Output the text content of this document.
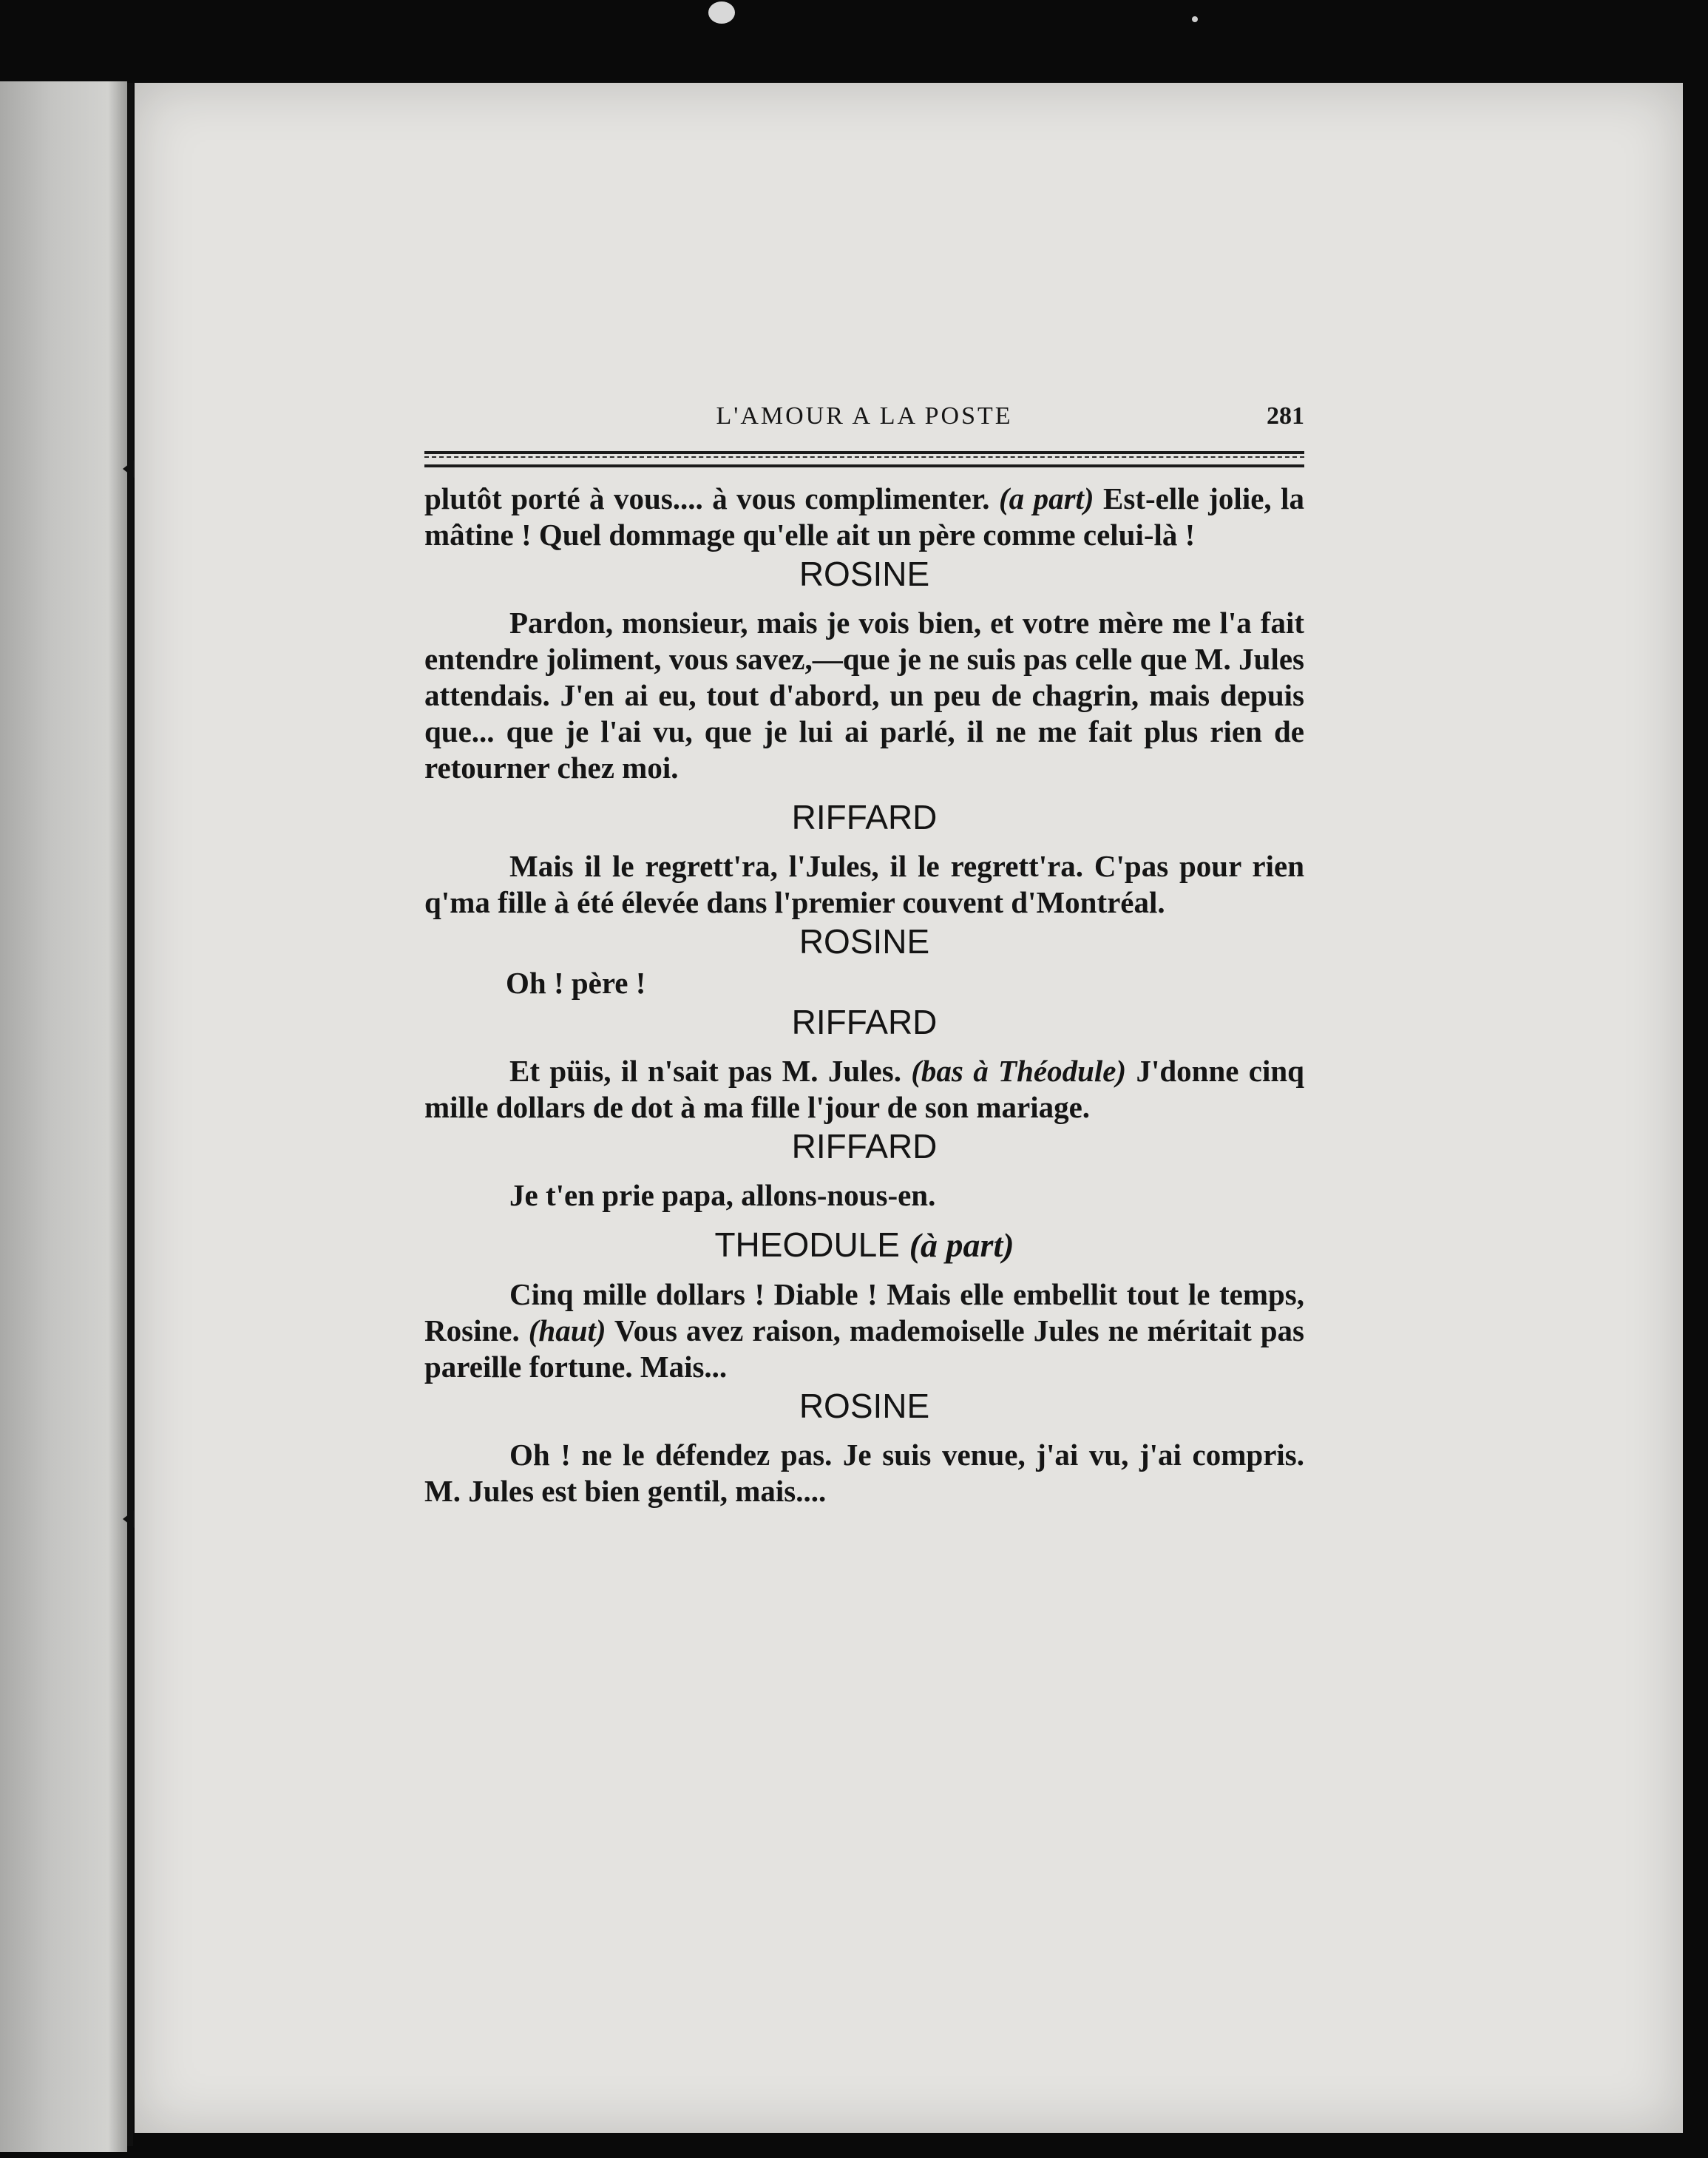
L'AMOUR A LA POSTE	281

plutôt porté à vous.... à vous complimenter. (a part) Est-elle jolie, la mâtine ! Quel dommage qu'elle ait un père comme celui-là !

ROSINE

Pardon, monsieur, mais je vois bien, et votre mère me l'a fait entendre joliment, vous savez,—que je ne suis pas celle que M. Jules attendais. J'en ai eu, tout d'abord, un peu de chagrin, mais depuis que... que je l'ai vu, que je lui ai parlé, il ne me fait plus rien de retourner chez moi.

RIFFARD

Mais il le regrett'ra, l'Jules, il le regrett'ra. C'pas pour rien q'ma fille à été élevée dans l'premier couvent d'Montréal.

ROSINE

Oh ! père !

RIFFARD

Et püis, il n'sait pas M. Jules. (bas à Théodule) J'donne cinq mille dollars de dot à ma fille l'jour de son mariage.

RIFFARD

Je t'en prie papa, allons-nous-en.

THEODULE (à part)

Cinq mille dollars ! Diable ! Mais elle embellit tout le temps, Rosine. (haut) Vous avez raison, mademoiselle Jules ne méritait pas pareille fortune. Mais...

ROSINE

Oh ! ne le défendez pas. Je suis venue, j'ai vu, j'ai compris. M. Jules est bien gentil, mais....
